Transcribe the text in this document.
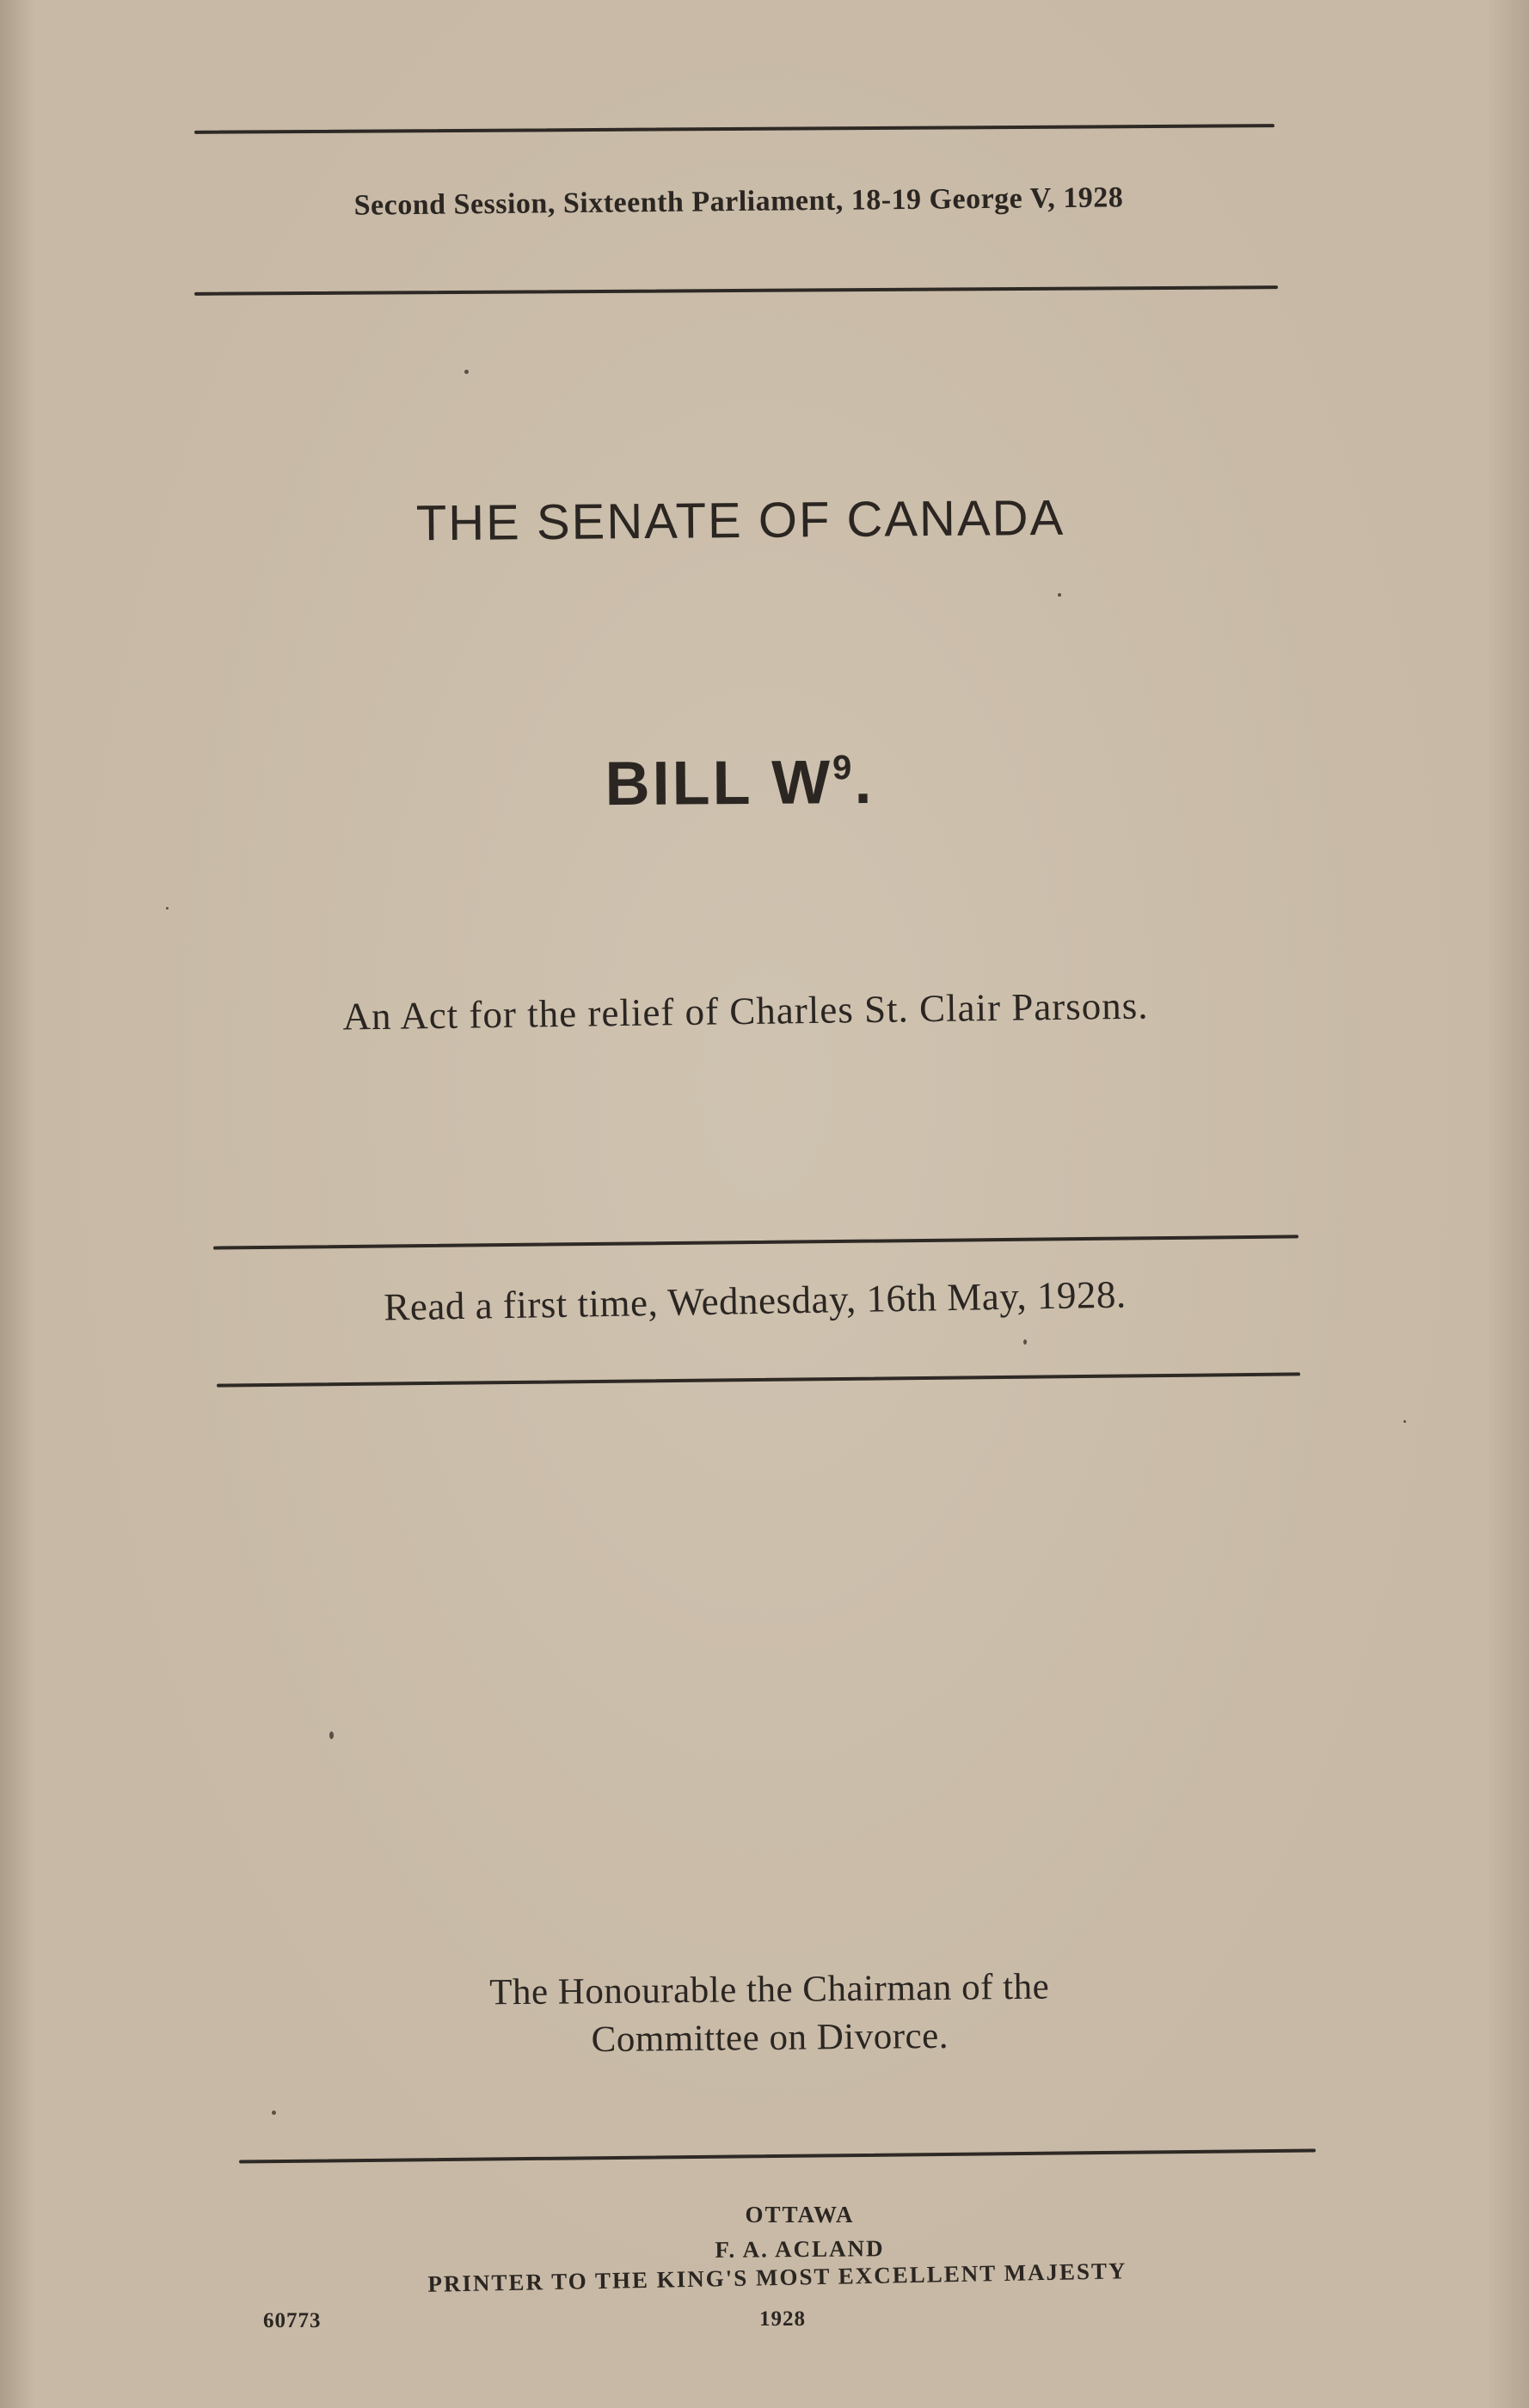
Second Session, Sixteenth Parliament, 18-19 George V, 1928
THE SENATE OF CANADA
BILL $W^9$.
An Act for the relief of Charles St. Clair Parsons.
Read a first time, Wednesday, 16th May, 1928.
The Honourable the Chairman of the
Committee on Divorce.
OTTAWA
F. A. ACLAND
PRINTER TO THE KING'S MOST EXCELLENT MAJESTY
1928
60773
